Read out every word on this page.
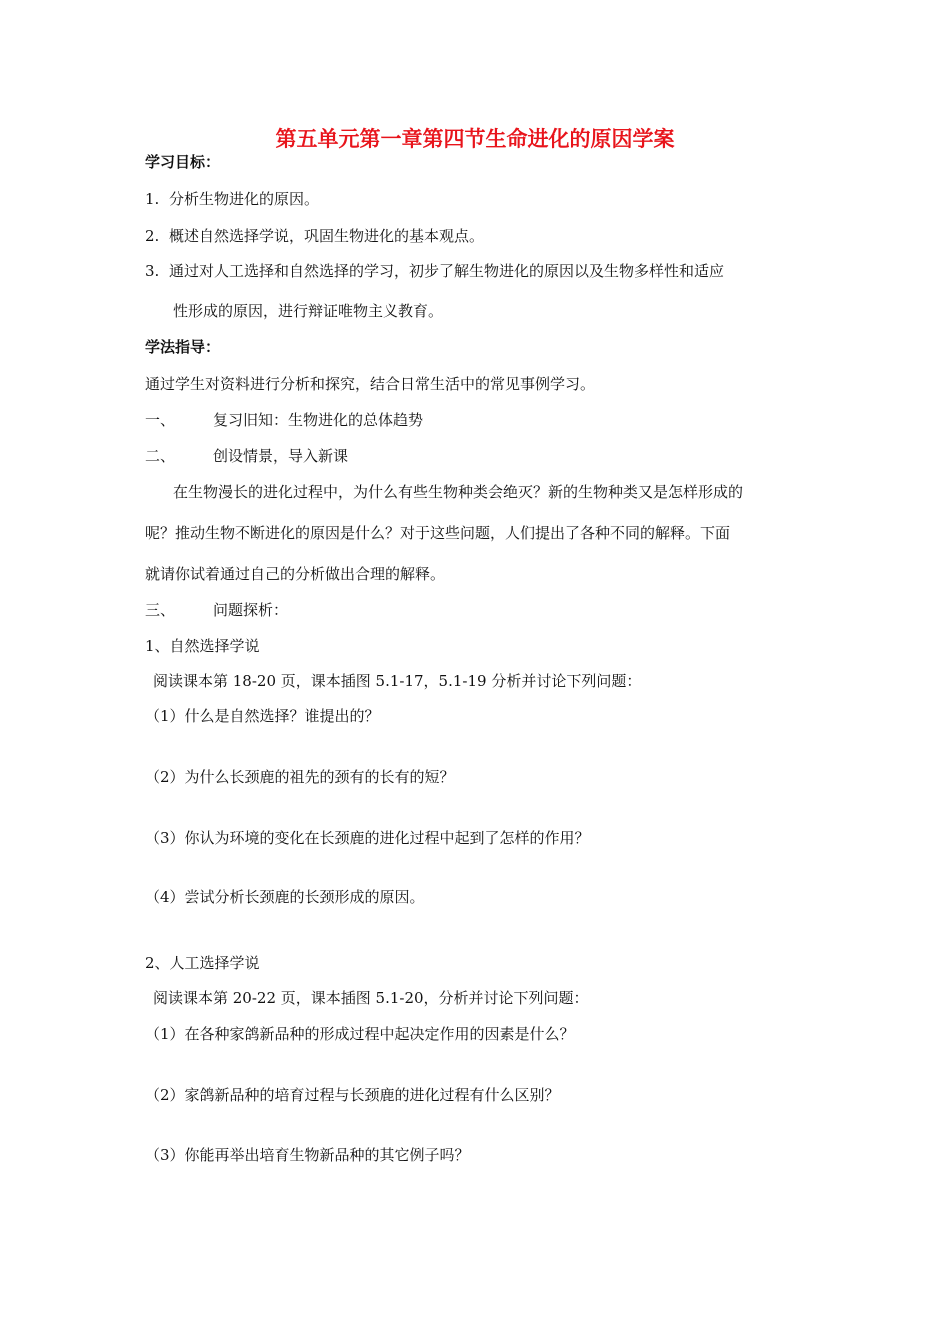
第五单元第一章第四节生命进化的原因学案
学习目标：
1. 分析生物进化的原因。
2. 概述自然选择学说，巩固生物进化的基本观点。
3. 通过对人工选择和自然选择的学习，初步了解生物进化的原因以及生物多样性和适应
性形成的原因，进行辩证唯物主义教育。
学法指导：
通过学生对资料进行分析和探究，结合日常生活中的常见事例学习。
一、	复习旧知：生物进化的总体趋势
二、	创设情景，导入新课
在生物漫长的进化过程中，为什么有些生物种类会绝灭？新的生物种类又是怎样形成的
呢？推动生物不断进化的原因是什么？对于这些问题，人们提出了各种不同的解释。下面
就请你试着通过自己的分析做出合理的解释。
三、	问题探析：
1、自然选择学说
阅读课本第 18-20 页，课本插图 5.1-17，5.1-19 分析并讨论下列问题：
（1）什么是自然选择？谁提出的？
（2）为什么长颈鹿的祖先的颈有的长有的短？
（3）你认为环境的变化在长颈鹿的进化过程中起到了怎样的作用？
（4）尝试分析长颈鹿的长颈形成的原因。
2、人工选择学说
阅读课本第 20-22 页，课本插图 5.1-20，分析并讨论下列问题：
（1）在各种家鸽新品种的形成过程中起决定作用的因素是什么？
（2）家鸽新品种的培育过程与长颈鹿的进化过程有什么区别？
（3）你能再举出培育生物新品种的其它例子吗？
